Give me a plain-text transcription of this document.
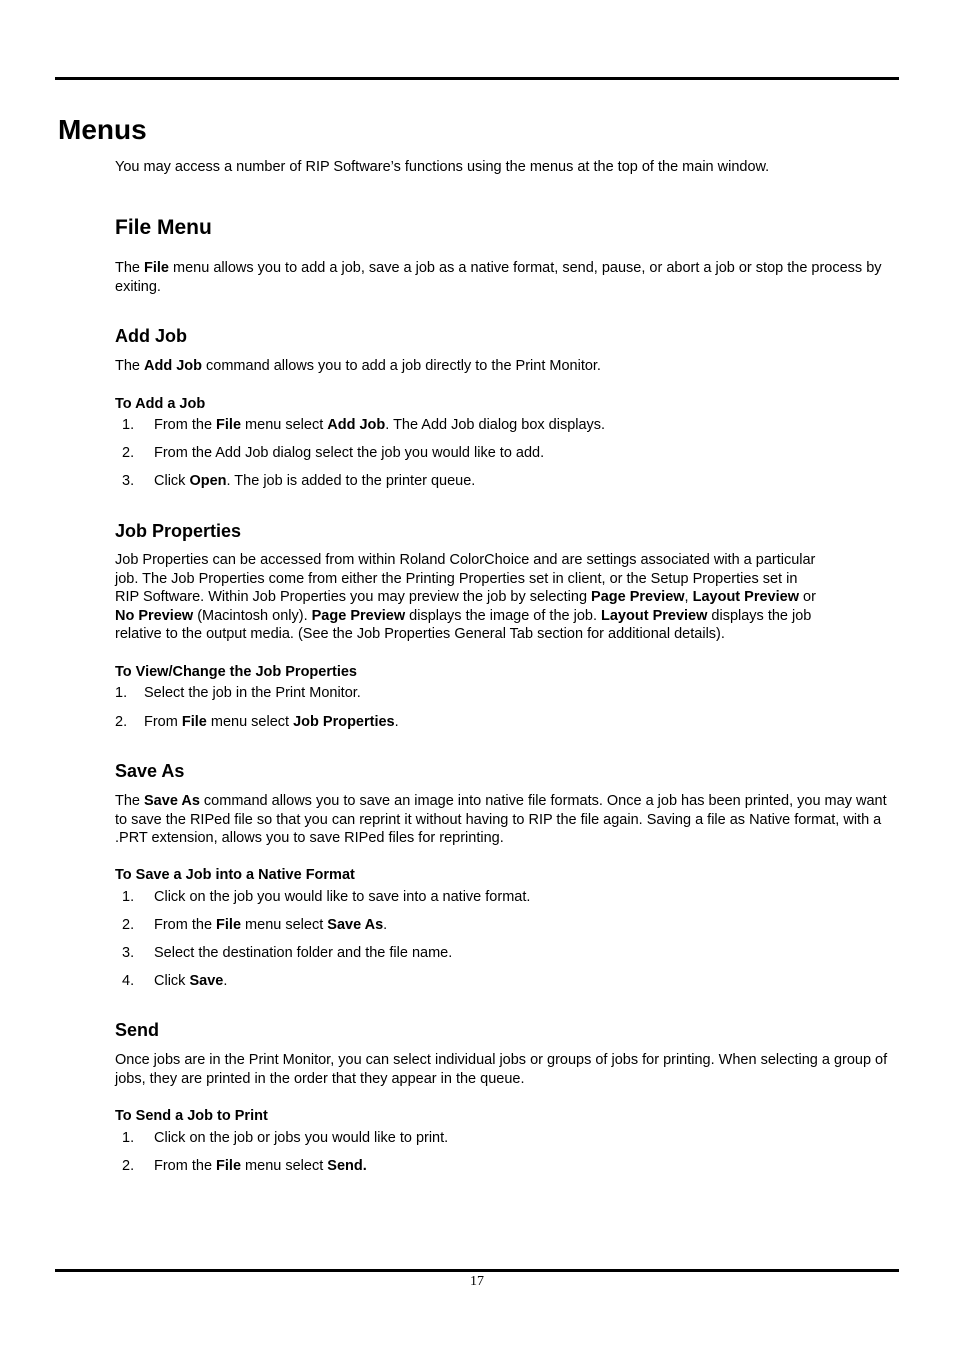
Menus

You may access a number of RIP Software’s functions using the menus at the top of the main window.

File Menu

The File menu allows you to add a job, save a job as a native format, send, pause, or abort a job or stop the process by exiting.

Add Job

The Add Job command allows you to add a job directly to the Print Monitor.

To Add a Job
1. From the File menu select Add Job. The Add Job dialog box displays.
2. From the Add Job dialog select the job you would like to add.
3. Click Open. The job is added to the printer queue.
Job Properties
Job Properties can be accessed from within Roland ColorChoice and are settings associated with a particular
job. The Job Properties come from either the Printing Properties set in client, or the Setup Properties set in
RIP Software. Within Job Properties you may preview the job by selecting Page Preview, Layout Preview or
No Preview (Macintosh only). Page Preview displays the image of the job. Layout Preview displays the job
relative to the output media. (See the Job Properties General Tab section for additional details).
To View/Change the Job Properties
1. Select the job in the Print Monitor.
2. From File menu select Job Properties.
Save As

The Save As command allows you to save an image into native file formats. Once a job has been printed, you may want to save the RIPed file so that you can reprint it without having to RIP the file again. Saving a file as Native format, with a .PRT extension, allows you to save RIPed files for reprinting.

To Save a Job into a Native Format
1. Click on the job you would like to save into a native format.
2. From the File menu select Save As.
3. Select the destination folder and the file name.
4. Click Save.
Send

Once jobs are in the Print Monitor, you can select individual jobs or groups of jobs for printing. When selecting a group of jobs, they are printed in the order that they appear in the queue.

To Send a Job to Print
1. Click on the job or jobs you would like to print.
2. From the File menu select Send.
17
